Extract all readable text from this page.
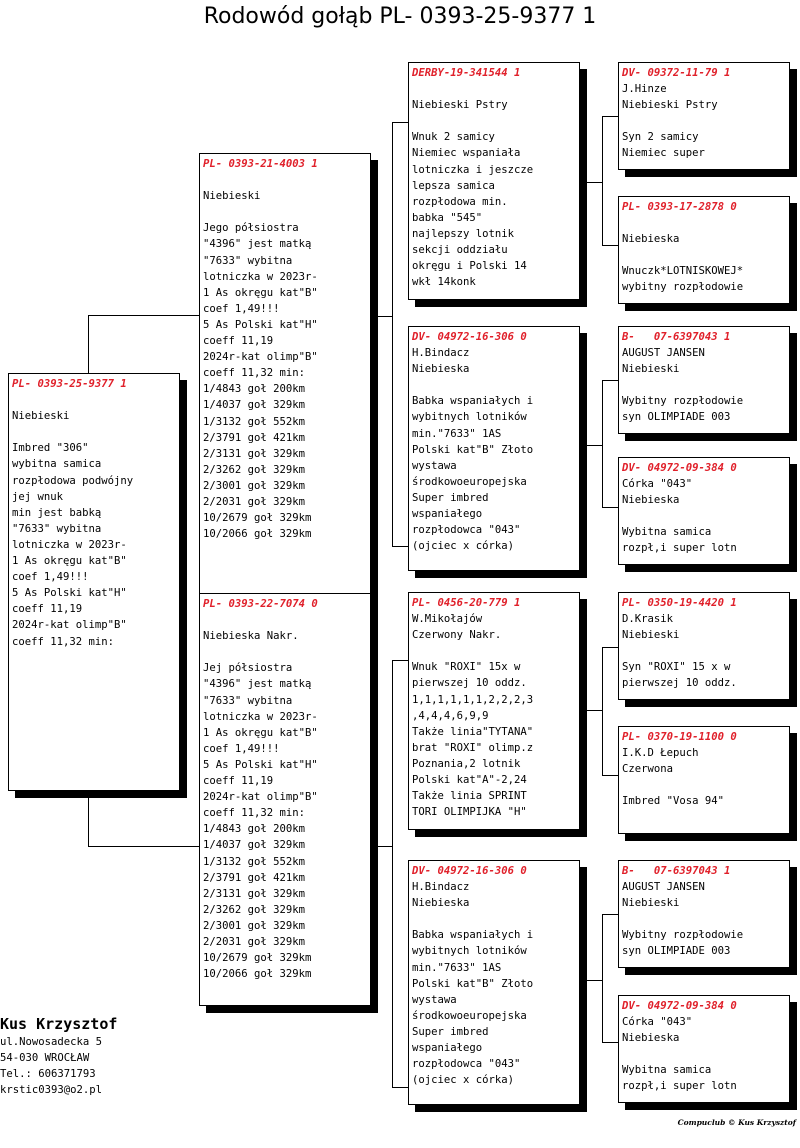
Rodowód gołąb PL- 0393-25-9377 1
PL- 0393-25-9377 1

Niebieski

Imbred "306"
wybitna samica
rozpłodowa podwójny
jej wnuk
min jest babką
"7633" wybitna
lotniczka w 2023r-
1 As okręgu kat"B"
coef 1,49!!!
5 As Polski kat"H"
coeff 11,19
2024r-kat olimp"B"
coeff 11,32 min:
PL- 0393-21-4003 1

Niebieski

Jego półsiostra
"4396" jest matką
"7633" wybitna
lotniczka w 2023r-
1 As okręgu kat"B"
coef 1,49!!!
5 As Polski kat"H"
coeff 11,19
2024r-kat olimp"B"
coeff 11,32 min:
1/4843 goł 200km
1/4037 goł 329km
1/3132 goł 552km
2/3791 goł 421km
2/3131 goł 329km
2/3262 goł 329km
2/3001 goł 329km
2/2031 goł 329km
10/2679 goł 329km
10/2066 goł 329km
PL- 0393-22-7074 0

Niebieska Nakr.

Jej półsiostra
"4396" jest matką
"7633" wybitna
lotniczka w 2023r-
1 As okręgu kat"B"
coef 1,49!!!
5 As Polski kat"H"
coeff 11,19
2024r-kat olimp"B"
coeff 11,32 min:
1/4843 goł 200km
1/4037 goł 329km
1/3132 goł 552km
2/3791 goł 421km
2/3131 goł 329km
2/3262 goł 329km
2/3001 goł 329km
2/2031 goł 329km
10/2679 goł 329km
10/2066 goł 329km
DERBY-19-341544 1

Niebieski Pstry

Wnuk 2 samicy
Niemiec wspaniała
lotniczka i jeszcze
lepsza samica
rozpłodowa min.
babka "545"
najlepszy lotnik
sekcji oddziału
okręgu i Polski 14
wkł 14konk
DV- 04972-16-306 0
H.Bindacz
Niebieska

Babka wspaniałych i
wybitnych lotników
min."7633" 1AS
Polski kat"B" Złoto
wystawa
środkowoeuropejska
Super imbred
wspaniałego
rozpłodowca "043"
(ojciec x córka)
PL- 0456-20-779 1
W.Mikołajów
Czerwony Nakr.

Wnuk "ROXI" 15x w
pierwszej 10 oddz.
1,1,1,1,1,1,2,2,2,3
,4,4,4,6,9,9
Także linia"TYTANA"
brat "ROXI" olimp.z
Poznania,2 lotnik
Polski kat"A"-2,24
Także linia SPRINT
TORI OLIMPIJKA "H"
DV- 04972-16-306 0
H.Bindacz
Niebieska

Babka wspaniałych i
wybitnych lotników
min."7633" 1AS
Polski kat"B" Złoto
wystawa
środkowoeuropejska
Super imbred
wspaniałego
rozpłodowca "043"
(ojciec x córka)
DV- 09372-11-79 1
J.Hinze
Niebieski Pstry

Syn 2 samicy
Niemiec super
PL- 0393-17-2878 0

Niebieska

Wnuczk*LOTNISKOWEJ*
wybitny rozpłodowie
B-   07-6397043 1
AUGUST JANSEN
Niebieski

Wybitny rozpłodowie
syn OLIMPIADE 003
DV- 04972-09-384 0
Córka "043"
Niebieska

Wybitna samica
rozpł,i super lotn
PL- 0350-19-4420 1
D.Krasik
Niebieski

Syn "ROXI" 15 x w
pierwszej 10 oddz.
PL- 0370-19-1100 0
I.K.D Łepuch
Czerwona

Imbred "Vosa 94"
B-   07-6397043 1
AUGUST JANSEN
Niebieski

Wybitny rozpłodowie
syn OLIMPIADE 003
DV- 04972-09-384 0
Córka "043"
Niebieska

Wybitna samica
rozpł,i super lotn
Kus Krzysztof
ul.Nowosadecka 5
54-030 WROCŁAW
Tel.: 606371793
krstic0393@o2.pl
Compuclub © Kus Krzysztof
